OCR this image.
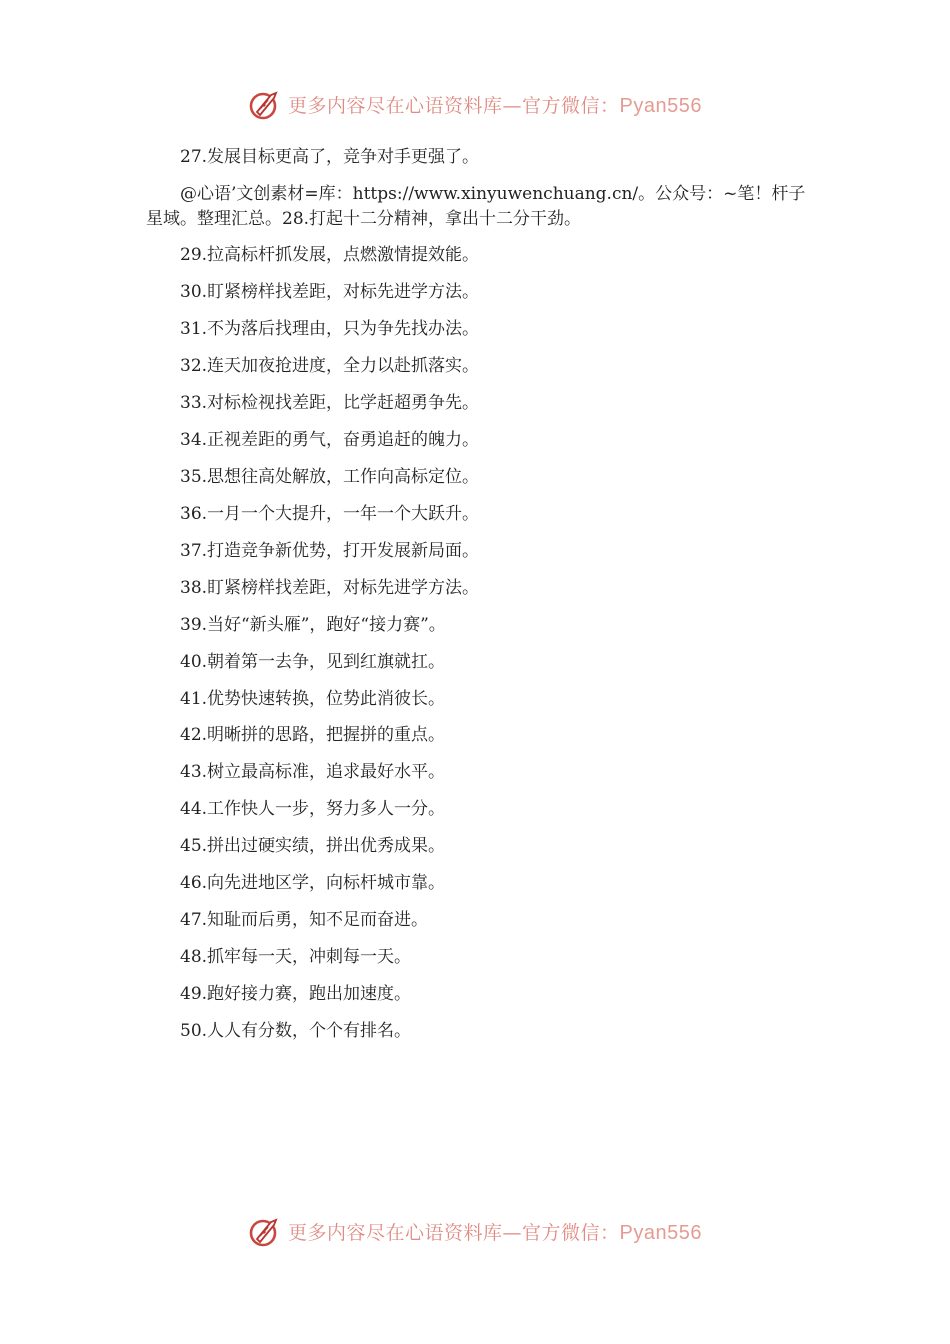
更多内容尽在心语资料库—官方微信：Pyan556
27.发展目标更高了，竞争对手更强了。
@心语’文创素材=库：https://www.xinyuwenchuang.cn/。公众号：~笔！杆子星域。整理汇总。28.打起十二分精神，拿出十二分干劲。
29.拉高标杆抓发展，点燃激情提效能。
30.盯紧榜样找差距，对标先进学方法。
31.不为落后找理由，只为争先找办法。
32.连天加夜抢进度，全力以赴抓落实。
33.对标检视找差距，比学赶超勇争先。
34.正视差距的勇气，奋勇追赶的魄力。
35.思想往高处解放，工作向高标定位。
36.一月一个大提升，一年一个大跃升。
37.打造竞争新优势，打开发展新局面。
38.盯紧榜样找差距，对标先进学方法。
39.当好“新头雁”，跑好“接力赛”。
40.朝着第一去争，见到红旗就扛。
41.优势快速转换，位势此消彼长。
42.明晰拼的思路，把握拼的重点。
43.树立最高标准，追求最好水平。
44.工作快人一步，努力多人一分。
45.拼出过硬实绩，拼出优秀成果。
46.向先进地区学，向标杆城市靠。
47.知耻而后勇，知不足而奋进。
48.抓牢每一天，冲刺每一天。
49.跑好接力赛，跑出加速度。
50.人人有分数，个个有排名。
更多内容尽在心语资料库—官方微信：Pyan556
